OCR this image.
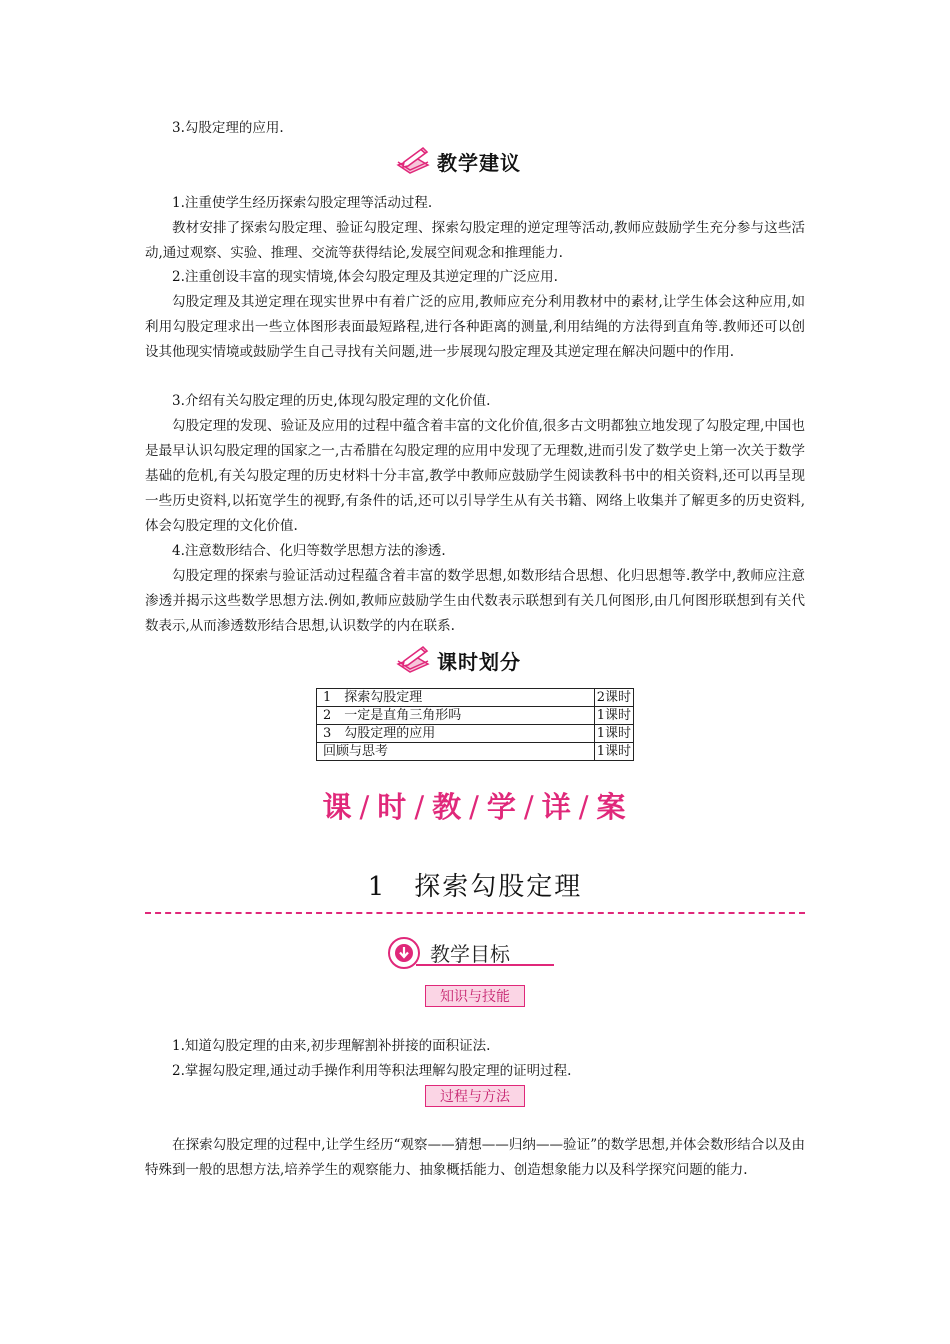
3.勾股定理的应用.

教学建议

1.注重使学生经历探索勾股定理等活动过程.

教材安排了探索勾股定理、验证勾股定理、探索勾股定理的逆定理等活动,教师应鼓励学生充分参与这些活动,通过观察、实验、推理、交流等获得结论,发展空间观念和推理能力.

2.注重创设丰富的现实情境,体会勾股定理及其逆定理的广泛应用.

勾股定理及其逆定理在现实世界中有着广泛的应用,教师应充分利用教材中的素材,让学生体会这种应用,如利用勾股定理求出一些立体图形表面最短路程,进行各种距离的测量,利用结绳的方法得到直角等.教师还可以创设其他现实情境或鼓励学生自己寻找有关问题,进一步展现勾股定理及其逆定理在解决问题中的作用.

3.介绍有关勾股定理的历史,体现勾股定理的文化价值.

勾股定理的发现、验证及应用的过程中蕴含着丰富的文化价值,很多古文明都独立地发现了勾股定理,中国也是最早认识勾股定理的国家之一,古希腊在勾股定理的应用中发现了无理数,进而引发了数学史上第一次关于数学基础的危机,有关勾股定理的历史材料十分丰富,教学中教师应鼓励学生阅读教科书中的相关资料,还可以再呈现一些历史资料,以拓宽学生的视野,有条件的话,还可以引导学生从有关书籍、网络上收集并了解更多的历史资料,体会勾股定理的文化价值.

4.注意数形结合、化归等数学思想方法的渗透.

勾股定理的探索与验证活动过程蕴含着丰富的数学思想,如数形结合思想、化归思想等.教学中,教师应注意渗透并揭示这些数学思想方法.例如,教师应鼓励学生由代数表示联想到有关几何图形,由几何图形联想到有关代数表示,从而渗透数形结合思想,认识数学的内在联系.

课时划分
1　探索勾股定理	2课时
2　一定是直角三角形吗	1课时
3　勾股定理的应用	1课时
回顾与思考	1课时
课 / 时 / 教 / 学 / 详 / 案
1　探索勾股定理
教学目标
知识与技能

1.知道勾股定理的由来,初步理解割补拼接的面积证法.

2.掌握勾股定理,通过动手操作利用等积法理解勾股定理的证明过程.

过程与方法

在探索勾股定理的过程中,让学生经历“观察——猜想——归纳——验证”的数学思想,并体会数形结合以及由特殊到一般的思想方法,培养学生的观察能力、抽象概括能力、创造想象能力以及科学探究问题的能力.
